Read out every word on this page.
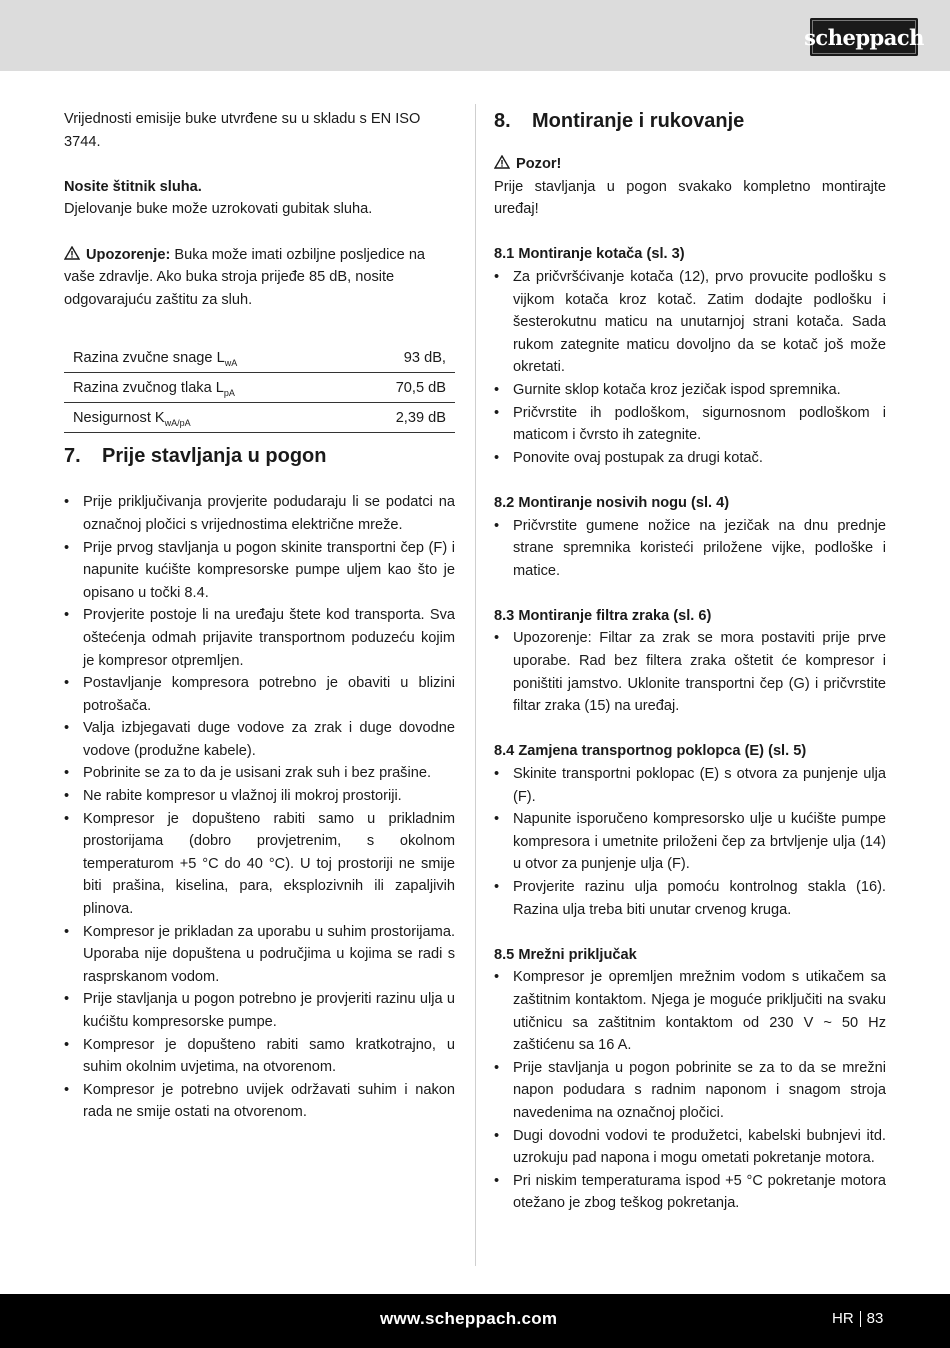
scheppach

Vrijednosti emisije buke utvrđene su u skladu s EN ISO 3744.

Nosite štitnik sluha.

Djelovanje buke može uzrokovati gubitak sluha.

Upozorenje: Buka može imati ozbiljne posljedice na vaše zdravlje. Ako buka stroja prijeđe 85 dB, nosite odgovarajuću zaštitu za sluh.

Razina zvučne snage $L_{wA}$	93 dB,
Razina zvučnog tlaka $L_{pA}$	70,5 dB
Nesigurnost $K_{wA/pA}$	2,39 dB
7.	Prije stavljanja u pogon
• Prije priključivanja provjerite podudaraju li se podatci na označnoj pločici s vrijednostima električne mreže.
• Prije prvog stavljanja u pogon skinite transportni čep (F) i napunite kućište kompresorske pumpe uljem kao što je opisano u točki 8.4.
• Provjerite postoje li na uređaju štete kod transporta. Sva oštećenja odmah prijavite transportnom poduzeću kojim je kompresor otpremljen.
• Postavljanje kompresora potrebno je obaviti u blizini potrošača.
• Valja izbjegavati duge vodove za zrak i duge dovodne vodove (produžne kabele).
• Pobrinite se za to da je usisani zrak suh i bez prašine.
• Ne rabite kompresor u vlažnoj ili mokroj prostoriji.
• Kompresor je dopušteno rabiti samo u prikladnim prostorijama (dobro provjetrenim, s okolnom temperaturom +5 °C do 40 °C). U toj prostoriji ne smije biti prašina, kiselina, para, eksplozivnih ili zapaljivih plinova.
• Kompresor je prikladan za uporabu u suhim prostorijama. Uporaba nije dopuštena u područjima u kojima se radi s rasprskanom vodom.
• Prije stavljanja u pogon potrebno je provjeriti razinu ulja u kućištu kompresorske pumpe.
• Kompresor je dopušteno rabiti samo kratkotrajno, u suhim okolnim uvjetima, na otvorenom.
• Kompresor je potrebno uvijek održavati suhim i nakon rada ne smije ostati na otvorenom.
8.	Montiranje i rukovanje

Pozor!

Prije stavljanja u pogon svakako kompletno montirajte uređaj!

8.1 Montiranje kotača (sl. 3)

• Za pričvršćivanje kotača (12), prvo provucite podlošku s vijkom kotača kroz kotač. Zatim dodajte podlošku i šesterokutnu maticu na unutarnjoj strani kotača. Sada rukom zategnite maticu dovoljno da se kotač još može okretati.
• Gurnite sklop kotača kroz jezičak ispod spremnika.
• Pričvrstite ih podloškom, sigurnosnom podloškom i maticom i čvrsto ih zategnite.
• Ponovite ovaj postupak za drugi kotač.

8.2 Montiranje nosivih nogu (sl. 4)

• Pričvrstite gumene nožice na jezičak na dnu prednje strane spremnika koristeći priložene vijke, podloške i matice.

8.3 Montiranje filtra zraka (sl. 6)

• Upozorenje: Filtar za zrak se mora postaviti prije prve uporabe. Rad bez filtera zraka oštetit će kompresor i poništiti jamstvo. Uklonite transportni čep (G) i pričvrstite filtar zraka (15) na uređaj.

8.4 Zamjena transportnog poklopca (E) (sl. 5)

• Skinite transportni poklopac (E) s otvora za punjenje ulja (F).
• Napunite isporučeno kompresorsko ulje u kućište pumpe kompresora i umetnite priloženi čep za brtvljenje ulja (14) u otvor za punjenje ulja (F).
• Provjerite razinu ulja pomoću kontrolnog stakla (16). Razina ulja treba biti unutar crvenog kruga.

8.5 Mrežni priključak

• Kompresor je opremljen mrežnim vodom s utikačem sa zaštitnim kontaktom. Njega je moguće priključiti na svaku utičnicu sa zaštitnim kontaktom od 230 V ~ 50 Hz zaštićenu sa 16 A.
• Prije stavljanja u pogon pobrinite se za to da se mrežni napon podudara s radnim naponom i snagom stroja navedenima na označnoj pločici.
• Dugi dovodni vodovi te produžetci, kabelski bubnjevi itd. uzrokuju pad napona i mogu ometati pokretanje motora.
• Pri niskim temperaturama ispod +5 °C pokretanje motora otežano je zbog teškog pokretanja.
www.scheppach.com	HR 83
